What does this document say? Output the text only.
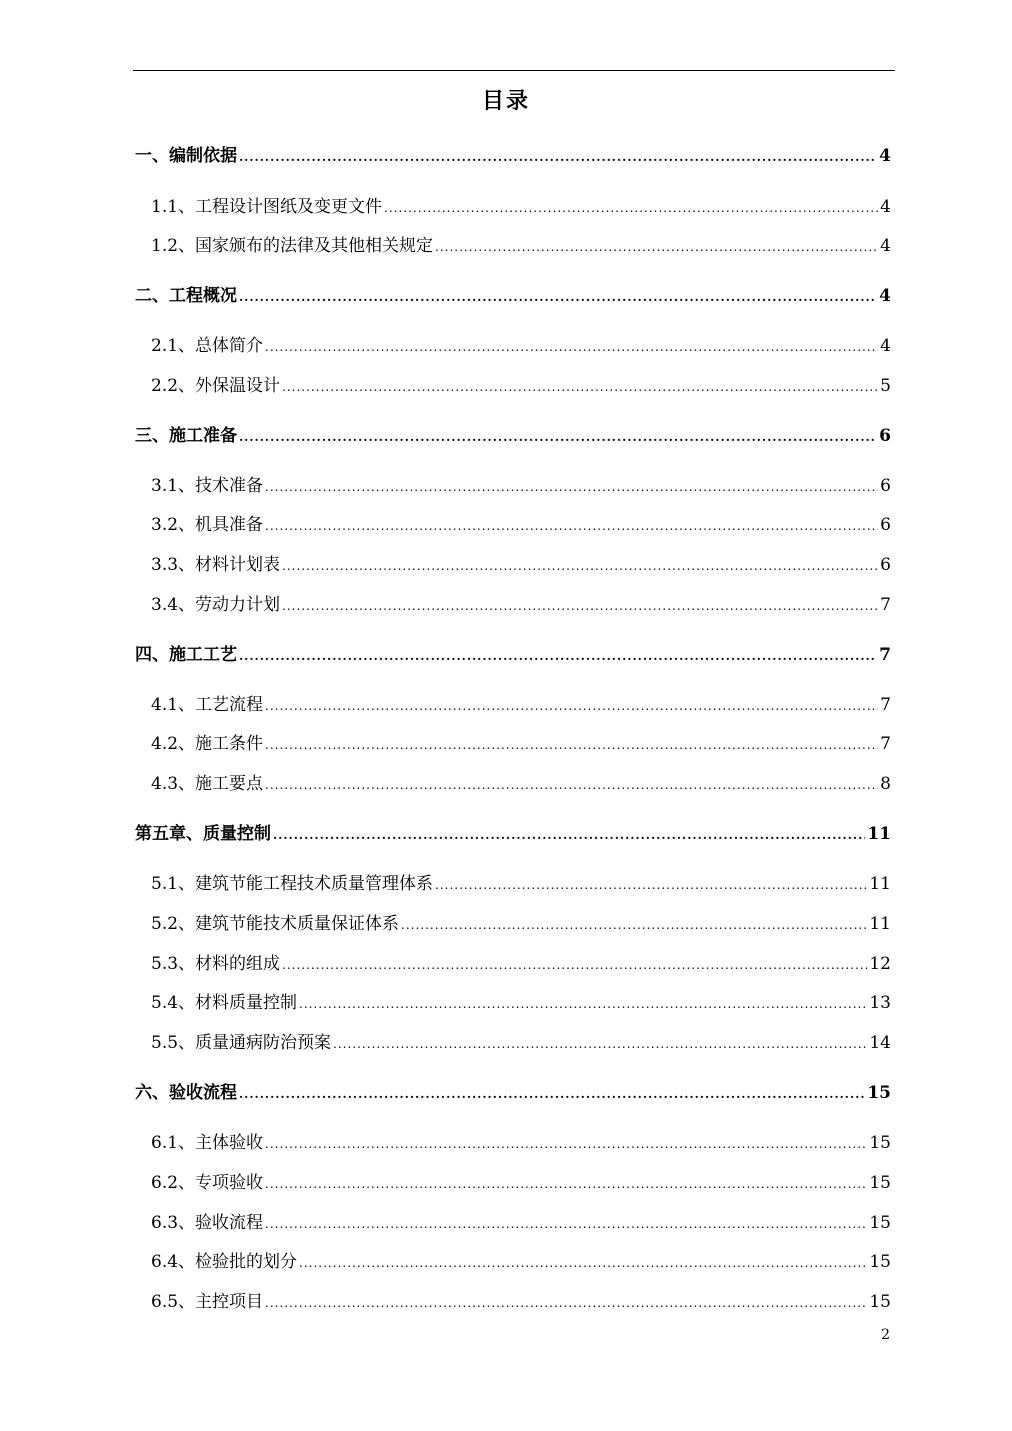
目录
一、编制依据 .....	4
1.1、工程设计图纸及变更文件 .....	4
1.2、国家颁布的法律及其他相关规定 .....	4
二、工程概况 .....	4
2.1、总体简介 .....	4
2.2、外保温设计 .....	5
三、施工准备 .....	6
3.1、技术准备 .....	6
3.2、机具准备 .....	6
3.3、材料计划表 .....	6
3.4、劳动力计划 .....	7
四、施工工艺 .....	7
4.1、工艺流程 .....	7
4.2、施工条件 .....	7
4.3、施工要点 .....	8
第五章、质量控制 .....	11
5.1、建筑节能工程技术质量管理体系 .....	11
5.2、建筑节能技术质量保证体系 .....	11
5.3、材料的组成 .....	12
5.4、材料质量控制 .....	13
5.5、质量通病防治预案 .....	14
六、验收流程 .....	15
6.1、主体验收 .....	15
6.2、专项验收 .....	15
6.3、验收流程 .....	15
6.4、检验批的划分 .....	15
6.5、主控项目 .....	15
2
